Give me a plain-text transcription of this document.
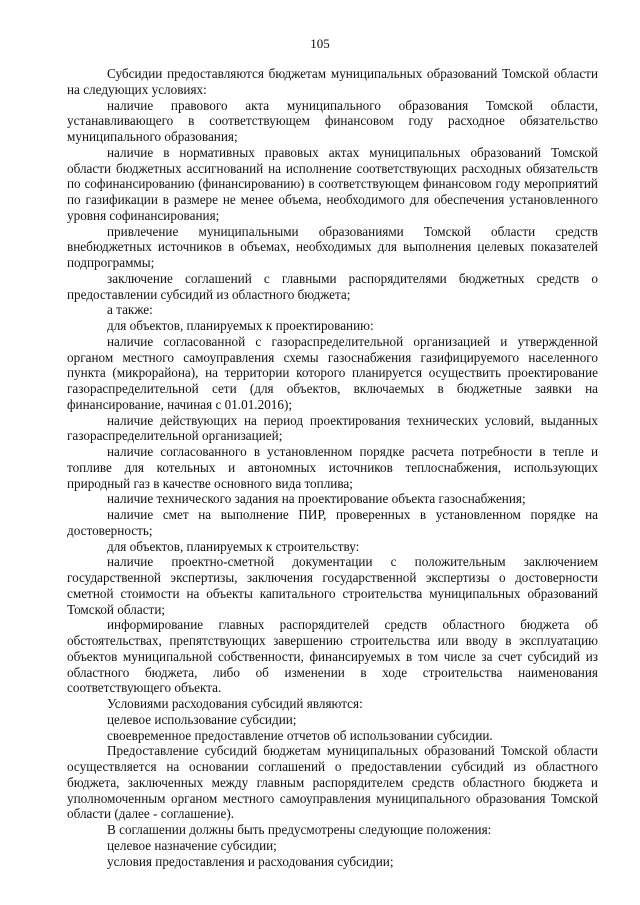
105

Субсидии предоставляются бюджетам муниципальных образований Томской области на следующих условиях:

наличие правового акта муниципального образования Томской области, устанавливающего в соответствующем финансовом году расходное обязательство муниципального образования;

наличие в нормативных правовых актах муниципальных образований Томской области бюджетных ассигнований на исполнение соответствующих расходных обязательств по софинансированию (финансированию) в соответствующем финансовом году мероприятий по газификации в размере не менее объема, необходимого для обеспечения установленного уровня софинансирования;

привлечение муниципальными образованиями Томской области средств внебюджетных источников в объемах, необходимых для выполнения целевых показателей подпрограммы;

заключение соглашений с главными распорядителями бюджетных средств о предоставлении субсидий из областного бюджета;

а также:

для объектов, планируемых к проектированию:

наличие согласованной с газораспределительной организацией и утвержденной органом местного самоуправления схемы газоснабжения газифицируемого населенного пункта (микрорайона), на территории которого планируется осуществить проектирование газораспределительной сети (для объектов, включаемых в бюджетные заявки на финансирование, начиная с 01.01.2016);

наличие действующих на период проектирования технических условий, выданных газораспределительной организацией;

наличие согласованного в установленном порядке расчета потребности в тепле и топливе для котельных и автономных источников теплоснабжения, использующих природный газ в качестве основного вида топлива;

наличие технического задания на проектирование объекта газоснабжения;

наличие смет на выполнение ПИР, проверенных в установленном порядке на достоверность;

для объектов, планируемых к строительству:

наличие проектно-сметной документации с положительным заключением государственной экспертизы, заключения государственной экспертизы о достоверности сметной стоимости на объекты капитального строительства муниципальных образований Томской области;

информирование главных распорядителей средств областного бюджета об обстоятельствах, препятствующих завершению строительства или вводу в эксплуатацию объектов муниципальной собственности, финансируемых в том числе за счет субсидий из областного бюджета, либо об изменении в ходе строительства наименования соответствующего объекта.

Условиями расходования субсидий являются:

целевое использование субсидии;

своевременное предоставление отчетов об использовании субсидии.

Предоставление субсидий бюджетам муниципальных образований Томской области осуществляется на основании соглашений о предоставлении субсидий из областного бюджета, заключенных между главным распорядителем средств областного бюджета и уполномоченным органом местного самоуправления муниципального образования Томской области (далее - соглашение).

В соглашении должны быть предусмотрены следующие положения:

целевое назначение субсидии;

условия предоставления и расходования субсидии;
